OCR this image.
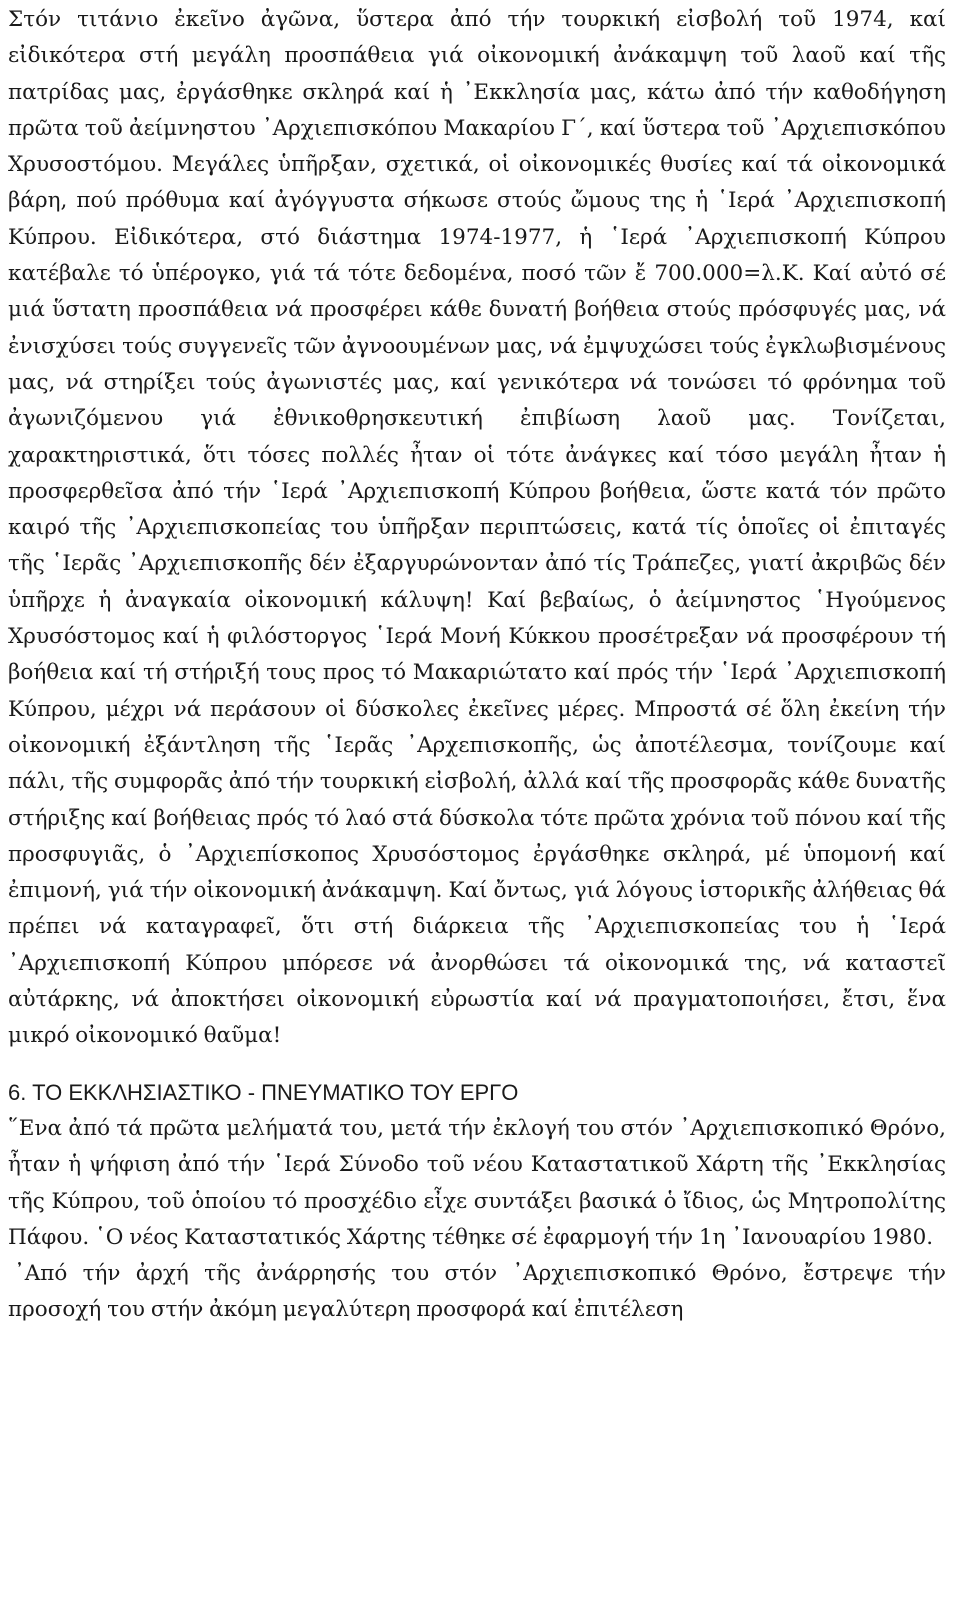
Στόν τιτάνιο ἐκεῖνο ἀγῶνα, ὕστερα ἀπό τήν τουρκική εἰσβολή τοῦ 1974, καί εἰδικότερα στή μεγάλη προσπάθεια γιά οἰκονομική ἀνάκαμψη τοῦ λαοῦ καί τῆς πατρίδας μας, ἐργάσθηκε σκληρά καί ἡ ᾿Εκκλησία μας, κάτω ἀπό τήν καθοδήγηση πρῶτα τοῦ ἀείμνηστου ᾿Αρχιεπισκόπου Μακαρίου Γ΄, καί ὕστερα τοῦ ᾿Αρχιεπισκόπου Χρυσοστόμου. Μεγάλες ὑπῆρξαν, σχετικά, οἱ οἰκονομικές θυσίες καί τά οἰκονομικά βάρη, πού πρόθυμα καί ἀγόγγυστα σήκωσε στούς ὤμους της ἡ ῾Ιερά ᾿Αρχιεπισκοπή Κύπρου. Εἰδικότερα, στό διάστημα 1974-1977, ἡ ῾Ιερά ᾿Αρχιεπισκοπή Κύπρου κατέβαλε τό ὑπέρογκο, γιά τά τότε δεδομένα, ποσό τῶν ἔ 700.000=λ.Κ. Καί αὐτό σέ μιά ὕστατη προσπάθεια νά προσφέρει κάθε δυνατή βοήθεια στούς πρόσφυγές μας, νά ἐνισχύσει τούς συγγενεῖς τῶν ἀγνοουμένων μας, νά ἐμψυχώσει τούς ἐγκλωβισμένους μας, νά στηρίξει τούς ἀγωνιστές μας, καί γενικότερα νά τονώσει τό φρόνημα τοῦ ἀγωνιζόμενου γιά ἐθνικοθρησκευτική ἐπιβίωση λαοῦ μας. Τονίζεται, χαρακτηριστικά, ὅτι τόσες πολλές ἦταν οἱ τότε ἀνάγκες καί τόσο μεγάλη ἦταν ἡ προσφερθεῖσα ἀπό τήν ῾Ιερά ᾿Αρχιεπισκοπή Κύπρου βοήθεια, ὥστε κατά τόν πρῶτο καιρό τῆς ᾿Αρχιεπισκοπείας του ὑπῆρξαν περιπτώσεις, κατά τίς ὁποῖες οἱ ἐπιταγές τῆς ῾Ιερᾶς ᾿Αρχιεπισκοπῆς δέν ἐξαργυρώνονταν ἀπό τίς Τράπεζες, γιατί ἀκριβῶς δέν ὑπῆρχε ἡ ἀναγκαία οἰκονομική κάλυψη! Καί βεβαίως, ὁ ἀείμνηστος ῾Ηγούμενος Χρυσόστομος καί ἡ φιλόστοργος ῾Ιερά Μονή Κύκκου προσέτρεξαν νά προσφέρουν τή βοήθεια καί τή στήριξή τους προς τό Μακαριώτατο καί πρός τήν ῾Ιερά ᾿Αρχιεπισκοπή Κύπρου, μέχρι νά περάσουν οἱ δύσκολες ἐκεῖνες μέρες. Μπροστά σέ ὅλη ἐκείνη τήν οἰκονομική ἐξάντληση τῆς ῾Ιερᾶς ᾿Αρχεπισκοπῆς, ὡς ἀποτέλεσμα, τονίζουμε καί πάλι, τῆς συμφορᾶς ἀπό τήν τουρκική εἰσβολή, ἀλλά καί τῆς προσφορᾶς κάθε δυνατῆς στήριξης καί βοήθειας πρός τό λαό στά δύσκολα τότε πρῶτα χρόνια τοῦ πόνου καί τῆς προσφυγιᾶς, ὁ ᾿Αρχιεπίσκοπος Χρυσόστομος ἐργάσθηκε σκληρά, μέ ὑπομονή καί ἐπιμονή, γιά τήν οἰκονομική ἀνάκαμψη. Καί ὄντως, γιά λόγους ἱστορικῆς ἀλήθειας θά πρέπει νά καταγραφεῖ, ὅτι στή διάρκεια τῆς ᾿Αρχιεπισκοπείας του ἡ ῾Ιερά ᾿Αρχιεπισκοπή Κύπρου μπόρεσε νά ἀνορθώσει τά οἰκονομικά της, νά καταστεῖ αὐτάρκης, νά ἀποκτήσει οἰκονομική εὐρωστία καί νά πραγματοποιήσει, ἔτσι, ἕνα μικρό οἰκονομικό θαῦμα!

6. ΤΟ ΕΚΚΛΗΣΙΑΣΤΙΚΟ - ΠΝΕΥΜΑΤΙΚΟ ΤΟΥ ΕΡΓΟ

῞Ενα ἀπό τά πρῶτα μελήματά του, μετά τήν ἐκλογή του στόν ᾿Αρχιεπισκοπικό Θρόνο, ἦταν ἡ ψήφιση ἀπό τήν ῾Ιερά Σύνοδο τοῦ νέου Καταστατικοῦ Χάρτη τῆς ᾿Εκκλησίας τῆς Κύπρου, τοῦ ὁποίου τό προσχέδιο εἶχε συντάξει βασικά ὁ ἴδιος, ὡς Μητροπολίτης Πάφου. ῾Ο νέος Καταστατικός Χάρτης τέθηκε σέ ἐφαρμογή τήν 1η ᾿Ιανουαρίου 1980.

᾿Από τήν ἀρχή τῆς ἀνάρρησής του στόν ᾿Αρχιεπισκοπικό Θρόνο, ἔστρεψε τήν προσοχή του στήν ἀκόμη μεγαλύτερη προσφορά καί ἐπιτέλεση
